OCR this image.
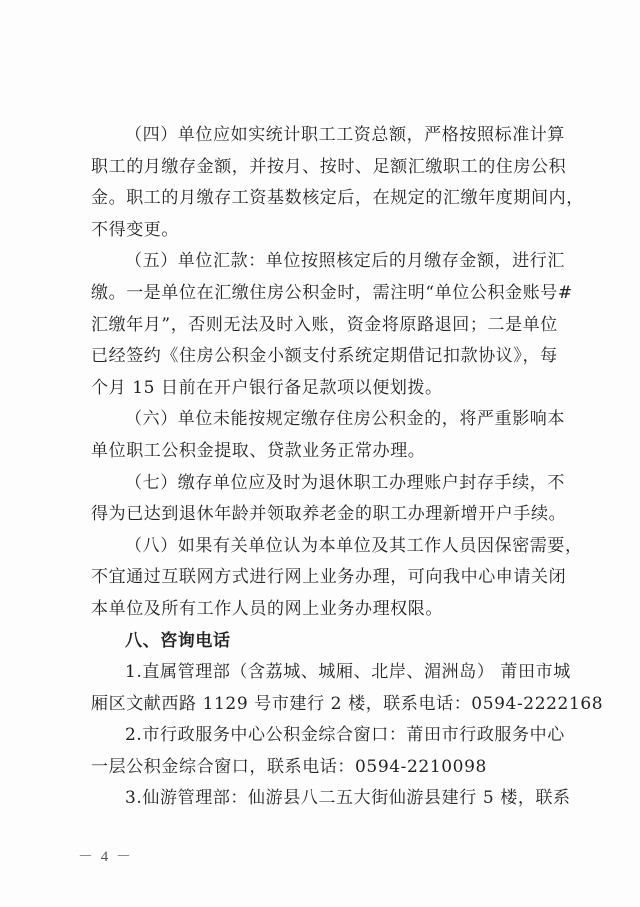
（四）单位应如实统计职工工资总额，严格按照标准计算
职工的月缴存金额，并按月、按时、足额汇缴职工的住房公积
金。职工的月缴存工资基数核定后，在规定的汇缴年度期间内，
不得变更。

（五）单位汇款：单位按照核定后的月缴存金额，进行汇
缴。一是单位在汇缴住房公积金时，需注明“单位公积金账号#
汇缴年月”，否则无法及时入账，资金将原路退回；二是单位
已经签约《住房公积金小额支付系统定期借记扣款协议》，每
个月 15 日前在开户银行备足款项以便划拨。

（六）单位未能按规定缴存住房公积金的，将严重影响本
单位职工公积金提取、贷款业务正常办理。

（七）缴存单位应及时为退休职工办理账户封存手续，不
得为已达到退休年龄并领取养老金的职工办理新增开户手续。

（八）如果有关单位认为本单位及其工作人员因保密需要，
不宜通过互联网方式进行网上业务办理，可向我中心申请关闭
本单位及所有工作人员的网上业务办理权限。

八、咨询电话

1.直属管理部（含荔城、城厢、北岸、湄洲岛） 莆田市城
厢区文献西路 1129 号市建行 2 楼，联系电话：0594-2222168

2.市行政服务中心公积金综合窗口：莆田市行政服务中心
一层公积金综合窗口，联系电话：0594-2210098

3.仙游管理部：仙游县八二五大街仙游县建行 5 楼，联系

－ 4 －
